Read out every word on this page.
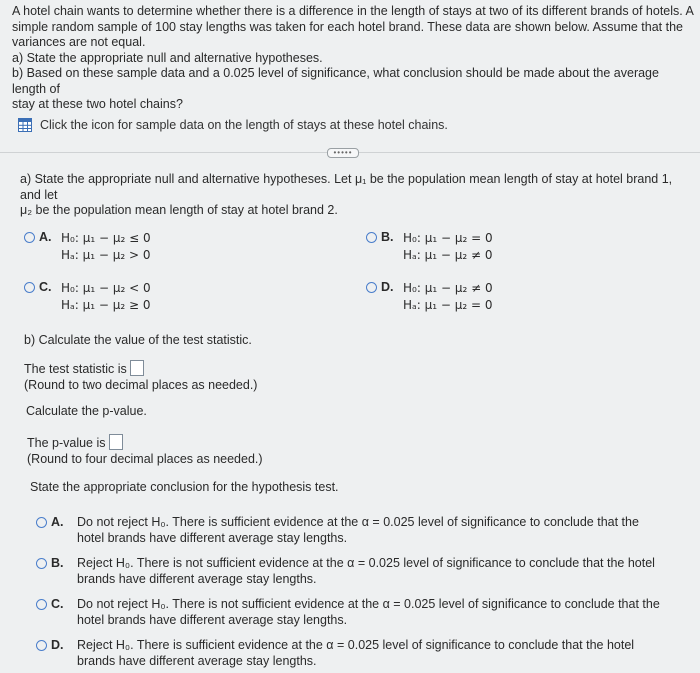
A hotel chain wants to determine whether there is a difference in the length of stays at two of its different brands of hotels. A

simple random sample of 100 stay lengths was taken for each hotel brand. These data are shown below. Assume that the

variances are not equal.

a) State the appropriate null and alternative hypotheses.

b) Based on these sample data and a 0.025 level of significance, what conclusion should be made about the average length of

stay at these two hotel chains?

Click the icon for sample data on the length of stays at these hotel chains.
•••••
a) State the appropriate null and alternative hypotheses. Let μ₁ be the population mean length of stay at hotel brand 1, and let
μ₂ be the population mean length of stay at hotel brand 2.
A. H₀: μ₁ − μ₂ ≤ 0
Hₐ: μ₁ − μ₂ > 0
B. H₀: μ₁ − μ₂ = 0
Hₐ: μ₁ − μ₂ ≠ 0
C. H₀: μ₁ − μ₂ < 0
Hₐ: μ₁ − μ₂ ≥ 0
D. H₀: μ₁ − μ₂ ≠ 0
Hₐ: μ₁ − μ₂ = 0
b) Calculate the value of the test statistic.
The test statistic is
(Round to two decimal places as needed.)
Calculate the p-value.
The p-value is
(Round to four decimal places as needed.)
State the appropriate conclusion for the hypothesis test.
A.	Do not reject H₀. There is sufficient evidence at the α = 0.025 level of significance to conclude that the hotel brands have different average stay lengths.
B.	Reject H₀. There is not sufficient evidence at the α = 0.025 level of significance to conclude that the hotel brands have different average stay lengths.
C.	Do not reject H₀. There is not sufficient evidence at the α = 0.025 level of significance to conclude that the hotel brands have different average stay lengths.
D.	Reject H₀. There is sufficient evidence at the α = 0.025 level of significance to conclude that the hotel brands have different average stay lengths.
